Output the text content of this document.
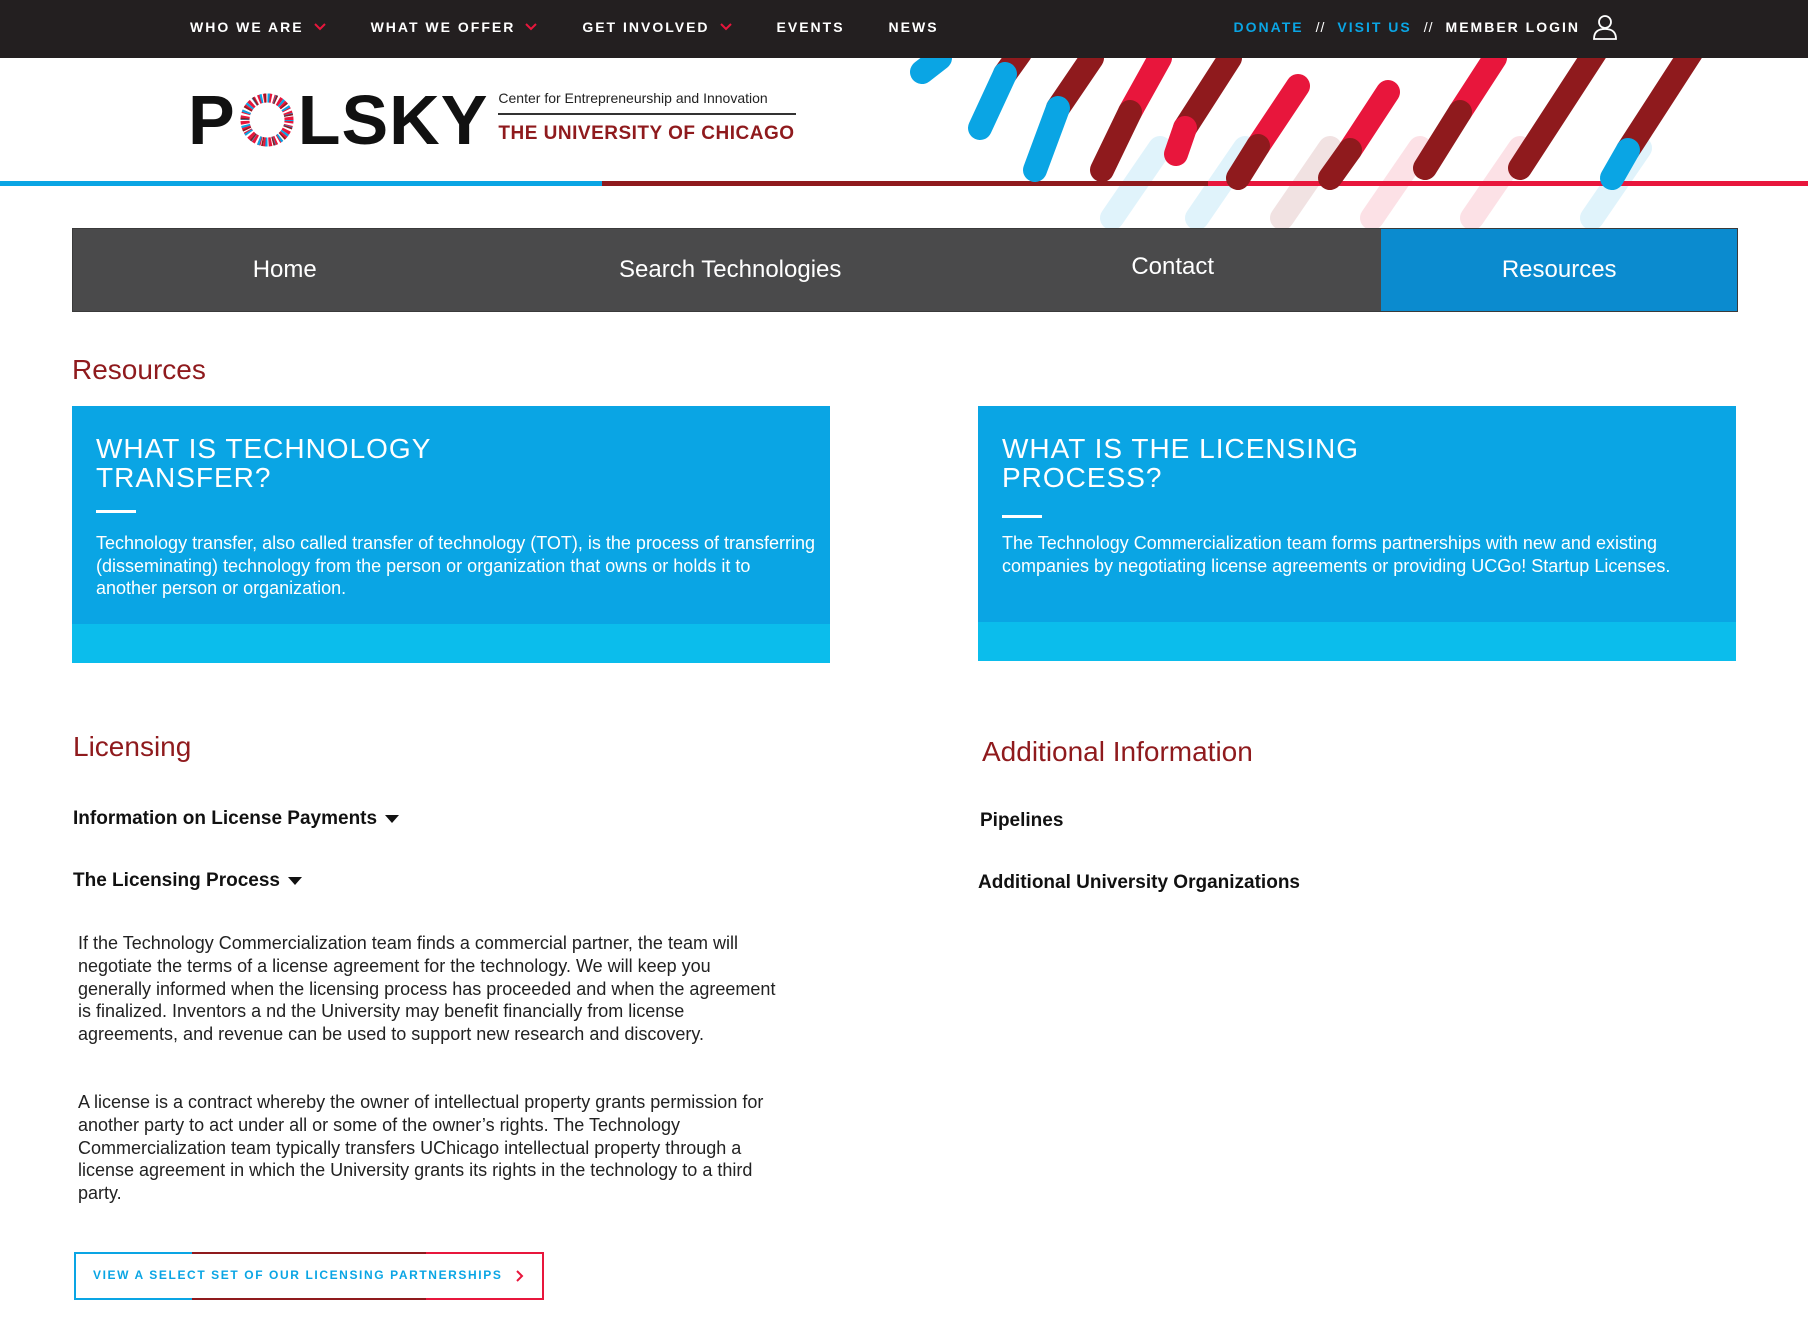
WHO WE ARE	WHAT WE OFFER	GET INVOLVED	EVENTS	NEWS	DONATE // VISIT US // MEMBER LOGIN
P LSKY Center for Entrepreneurship and Innovation
THE UNIVERSITY OF CHICAGO
Home	Search Technologies	Contact	Resources
Resources
WHAT IS TECHNOLOGY
TRANSFER?

Technology transfer, also called transfer of technology (TOT), is the process of transferring (disseminating) technology from the person or organization that owns or holds it to another person or organization.

WHAT IS THE LICENSING
PROCESS?

The Technology Commercialization team forms partnerships with new and existing companies by negotiating license agreements or providing UCGo! Startup Licenses.

Licensing
Information on License Payments
The Licensing Process
If the Technology Commercialization team finds a commercial partner, the team will negotiate the terms of a license agreement for the technology. We will keep you generally informed when the licensing process has proceeded and when the agreement is finalized. Inventors a nd the University may benefit financially from license agreements, and revenue can be used to support new research and discovery.
A license is a contract whereby the owner of intellectual property grants permission for another party to act under all or some of the owner’s rights. The Technology Commercialization team typically transfers UChicago intellectual property through a license agreement in which the University grants its rights in the technology to a third party.
VIEW A SELECT SET OF OUR LICENSING PARTNERSHIPS
Additional Information
Pipelines
Additional University Organizations
